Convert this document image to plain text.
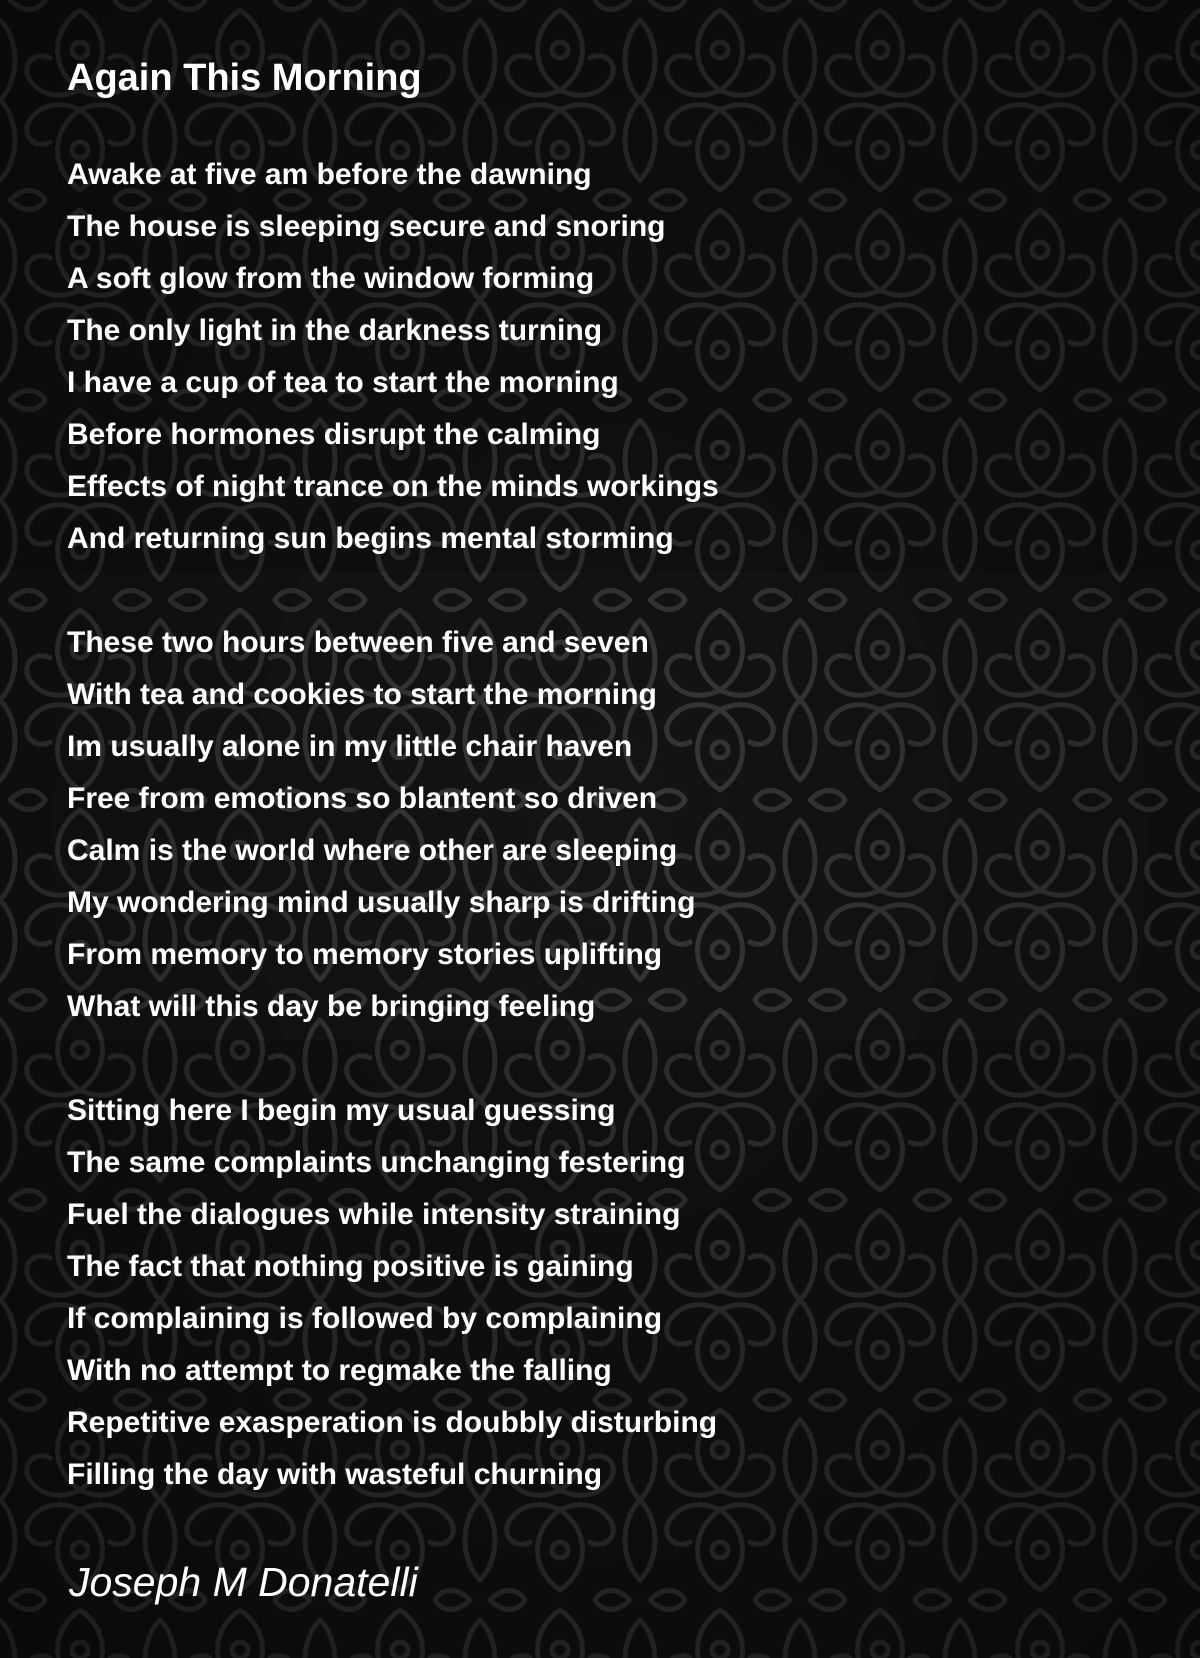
Again This Morning
Awake at five am before the dawning
The house is sleeping secure and snoring
A soft glow from the window forming
The only light in the darkness turning
I have a cup of tea to start the morning
Before hormones disrupt the calming
Effects of night trance on the minds workings
And returning sun begins mental storming
These two hours between five and seven
With tea and cookies to start the morning
Im usually alone in my little chair haven
Free from emotions so blantent so driven
Calm is the world where other are sleeping
My wondering mind usually sharp is drifting
From memory to memory stories uplifting
What will this day be bringing feeling
Sitting here I begin my usual guessing
The same complaints unchanging festering
Fuel the dialogues while intensity straining
The fact that nothing positive is gaining
If complaining is followed by complaining
With no attempt to regmake the falling
Repetitive exasperation is doubbly disturbing
Filling the day with wasteful churning
Joseph M Donatelli
